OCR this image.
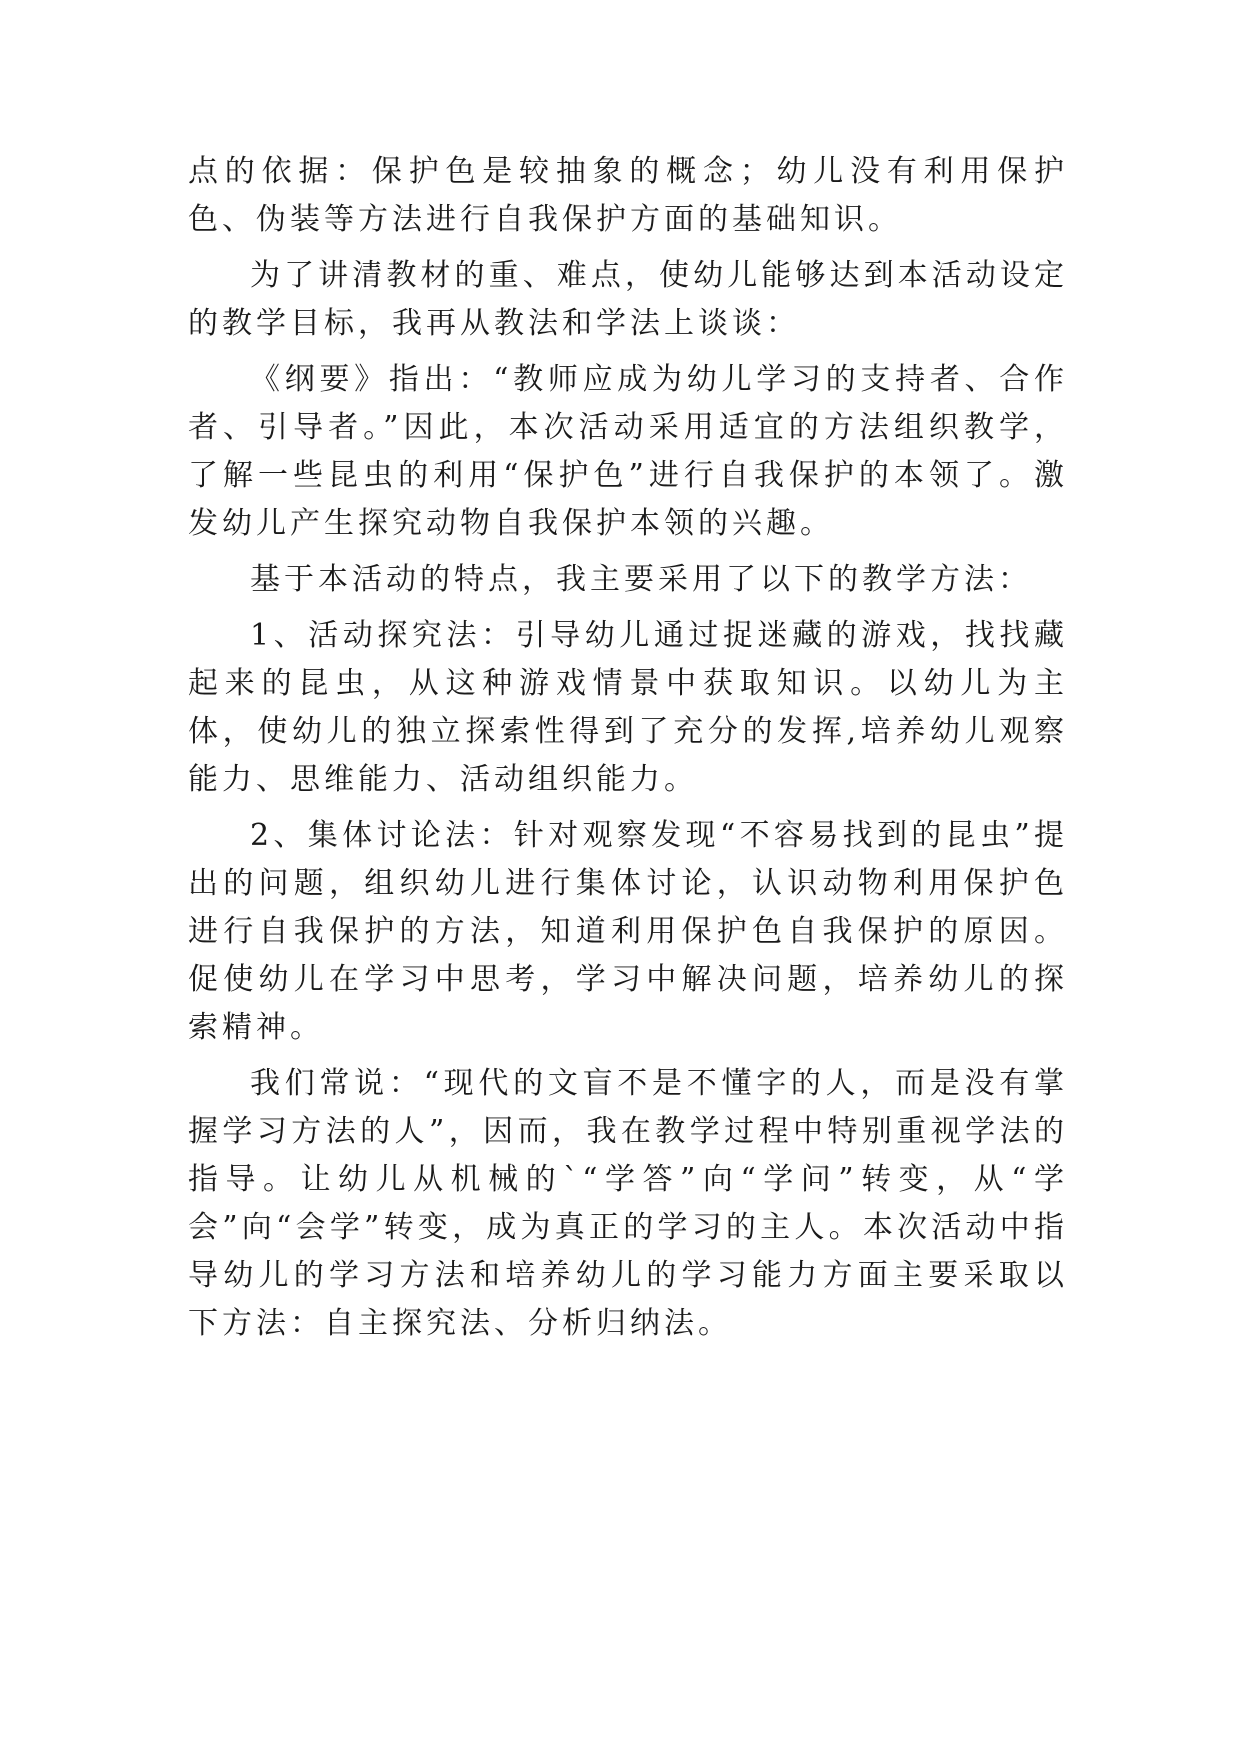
点的依据：保护色是较抽象的概念；幼儿没有利用保护色、伪装等方法进行自我保护方面的基础知识。

为了讲清教材的重、难点，使幼儿能够达到本活动设定的教学目标，我再从教法和学法上谈谈：

《纲要》指出：“教师应成为幼儿学习的支持者、合作者、引导者。”因此，本次活动采用适宜的方法组织教学，了解一些昆虫的利用“保护色”进行自我保护的本领了。激发幼儿产生探究动物自我保护本领的兴趣。

基于本活动的特点，我主要采用了以下的教学方法：

1、活动探究法：引导幼儿通过捉迷藏的游戏，找找藏起来的昆虫，从这种游戏情景中获取知识。以幼儿为主体，使幼儿的独立探索性得到了充分的发挥,培养幼儿观察能力、思维能力、活动组织能力。

2、集体讨论法：针对观察发现“不容易找到的昆虫”提出的问题，组织幼儿进行集体讨论，认识动物利用保护色进行自我保护的方法，知道利用保护色自我保护的原因。促使幼儿在学习中思考，学习中解决问题，培养幼儿的探索精神。

我们常说：“现代的文盲不是不懂字的人，而是没有掌握学习方法的人”，因而，我在教学过程中特别重视学法的指导。让幼儿从机械的`“学答”向“学问”转变，从“学会”向“会学”转变，成为真正的学习的主人。本次活动中指导幼儿的学习方法和培养幼儿的学习能力方面主要采取以下方法：自主探究法、分析归纳法。
